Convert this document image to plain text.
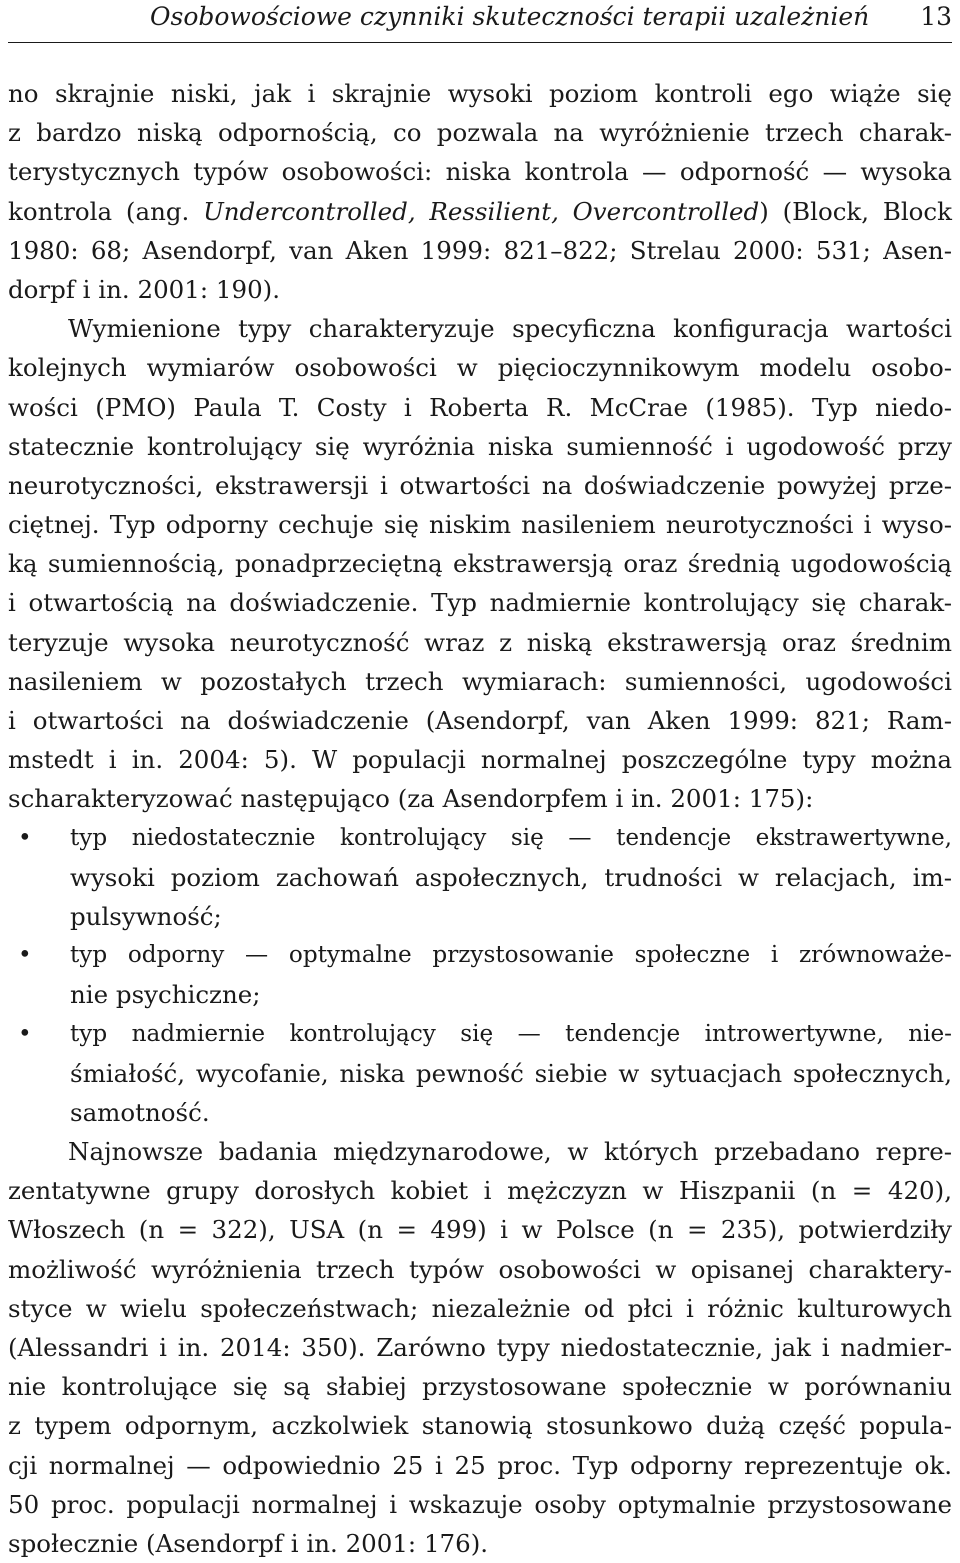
Osobowościowe czynniki skuteczności terapii uzależnień 13
no skrajnie niski, jak i skrajnie wysoki poziom kontroli ego wiąże się
z bardzo niską odpornością, co pozwala na wyróżnienie trzech charak-
terystycznych typów osobowości: niska kontrola — odporność — wysoka
kontrola (ang. Undercontrolled, Ressilient, Overcontrolled) (Block, Block
1980: 68; Asendorpf, van Aken 1999: 821–822; Strelau 2000: 531; Asen-
dorpf i in. 2001: 190).
Wymienione typy charakteryzuje specyficzna konfiguracja wartości
kolejnych wymiarów osobowości w pięcioczynnikowym modelu osobo-
wości (PMO) Paula T. Costy i Roberta R. McCrae (1985). Typ niedo-
statecznie kontrolujący się wyróżnia niska sumienność i ugodowość przy
neurotyczności, ekstrawersji i otwartości na doświadczenie powyżej prze-
ciętnej. Typ odporny cechuje się niskim nasileniem neurotyczności i wyso-
ką sumiennością, ponadprzeciętną ekstrawersją oraz średnią ugodowością
i otwartością na doświadczenie. Typ nadmiernie kontrolujący się charak-
teryzuje wysoka neurotyczność wraz z niską ekstrawersją oraz średnim
nasileniem w pozostałych trzech wymiarach: sumienności, ugodowości
i otwartości na doświadczenie (Asendorpf, van Aken 1999: 821; Ram-
mstedt i in. 2004: 5). W populacji normalnej poszczególne typy można
scharakteryzować następująco (za Asendorpfem i in. 2001: 175):
• typ niedostatecznie kontrolujący się — tendencje ekstrawertywne,
wysoki poziom zachowań aspołecznych, trudności w relacjach, im-
pulsywność;
• typ odporny — optymalne przystosowanie społeczne i zrównoważe-
nie psychiczne;
• typ nadmiernie kontrolujący się — tendencje introwertywne, nie-
śmiałość, wycofanie, niska pewność siebie w sytuacjach społecznych,
samotność.
Najnowsze badania międzynarodowe, w których przebadano repre-
zentatywne grupy dorosłych kobiet i mężczyzn w Hiszpanii (n = 420),
Włoszech (n = 322), USA (n = 499) i w Polsce (n = 235), potwierdziły
możliwość wyróżnienia trzech typów osobowości w opisanej charaktery-
styce w wielu społeczeństwach; niezależnie od płci i różnic kulturowych
(Alessandri i in. 2014: 350). Zarówno typy niedostatecznie, jak i nadmier-
nie kontrolujące się są słabiej przystosowane społecznie w porównaniu
z typem odpornym, aczkolwiek stanowią stosunkowo dużą część popula-
cji normalnej — odpowiednio 25 i 25 proc. Typ odporny reprezentuje ok.
50 proc. populacji normalnej i wskazuje osoby optymalnie przystosowane
społecznie (Asendorpf i in. 2001: 176).
